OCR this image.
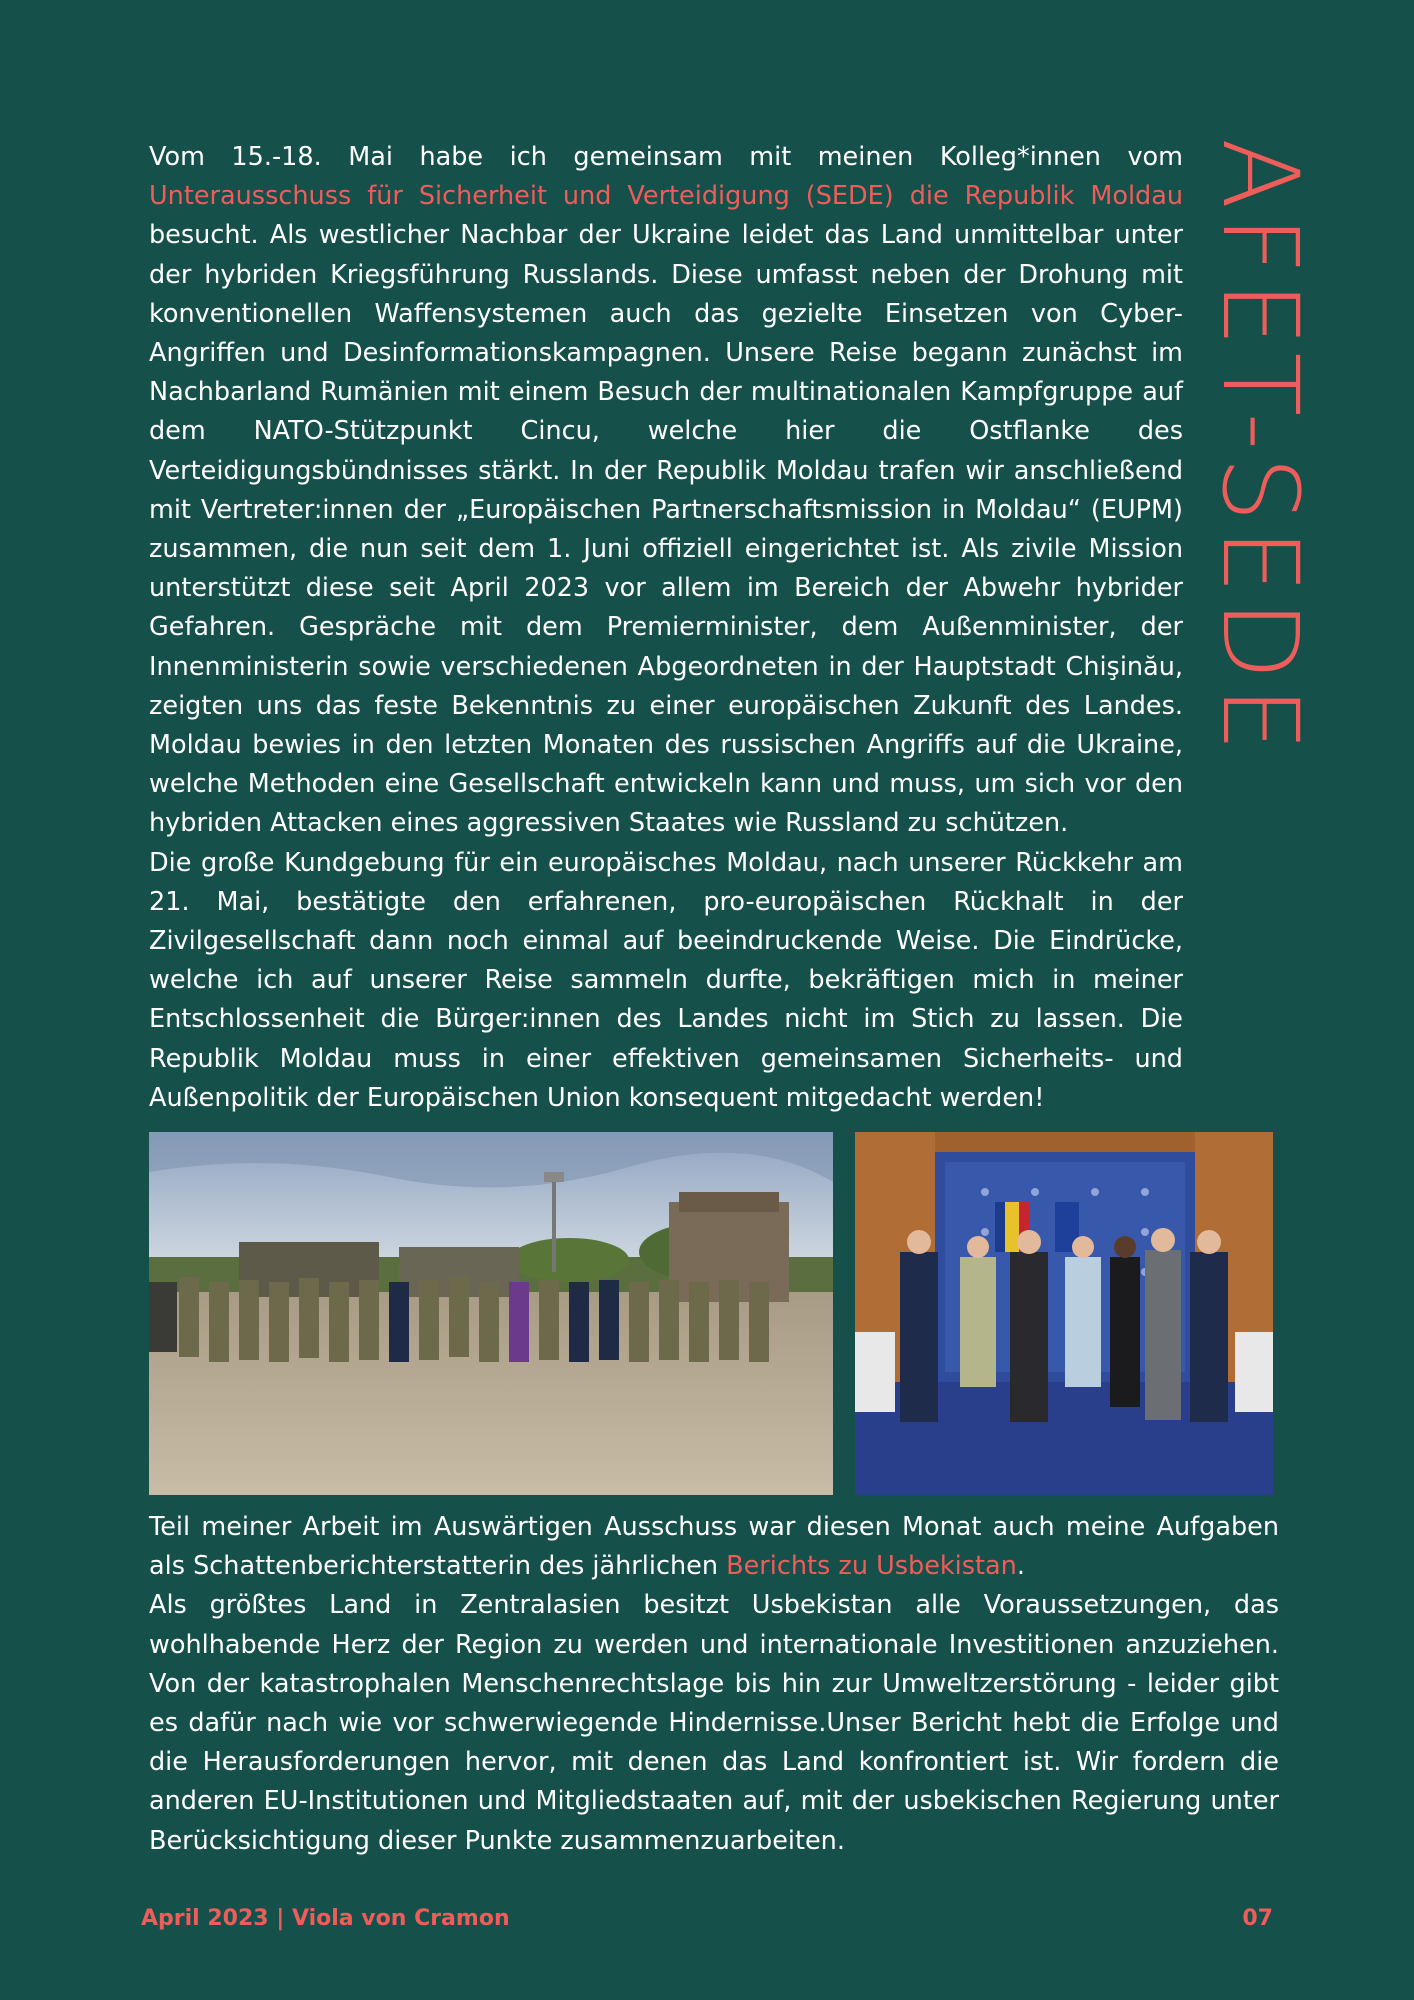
AFET-SEDE

Vom 15.-18. Mai habe ich gemeinsam mit meinen Kolleg*innen vom Unterausschuss für Sicherheit und Verteidigung (SEDE) die Republik Moldau besucht. Als westlicher Nachbar der Ukraine leidet das Land unmittelbar unter der hybriden Kriegsführung Russlands. Diese umfasst neben der Drohung mit konventionellen Waffensystemen auch das gezielte Einsetzen von Cyber-Angriffen und Desinformationskampagnen. Unsere Reise begann zunächst im Nachbarland Rumänien mit einem Besuch der multinationalen Kampfgruppe auf dem NATO-Stützpunkt Cincu, welche hier die Ostflanke des Verteidigungsbündnisses stärkt. In der Republik Moldau trafen wir anschließend mit Vertreter:innen der „Europäischen Partnerschaftsmission in Moldau“ (EUPM) zusammen, die nun seit dem 1. Juni offiziell eingerichtet ist. Als zivile Mission unterstützt diese seit April 2023 vor allem im Bereich der Abwehr hybrider Gefahren. Gespräche mit dem Premierminister, dem Außenminister, der Innenministerin sowie verschiedenen Abgeordneten in der Hauptstadt Chişinău, zeigten uns das feste Bekenntnis zu einer europäischen Zukunft des Landes. Moldau bewies in den letzten Monaten des russischen Angriffs auf die Ukraine, welche Methoden eine Gesellschaft entwickeln kann und muss, um sich vor den hybriden Attacken eines aggressiven Staates wie Russland zu schützen.

Die große Kundgebung für ein europäisches Moldau, nach unserer Rückkehr am 21. Mai, bestätigte den erfahrenen, pro-europäischen Rückhalt in der Zivilgesellschaft dann noch einmal auf beeindruckende Weise. Die Eindrücke, welche ich auf unserer Reise sammeln durfte, bekräftigen mich in meiner Entschlossenheit die Bürger:innen des Landes nicht im Stich zu lassen. Die Republik Moldau muss in einer effektiven gemeinsamen Sicherheits- und Außenpolitik der Europäischen Union konsequent mitgedacht werden!

Teil meiner Arbeit im Auswärtigen Ausschuss war diesen Monat auch meine Aufgaben als Schattenberichterstatterin des jährlichen Berichts zu Usbekistan.

Als größtes Land in Zentralasien besitzt Usbekistan alle Voraussetzungen, das wohlhabende Herz der Region zu werden und internationale Investitionen anzuziehen. Von der katastrophalen Menschenrechtslage bis hin zur Umweltzerstörung - leider gibt es dafür nach wie vor schwerwiegende Hindernisse.Unser Bericht hebt die Erfolge und die Herausforderungen hervor, mit denen das Land konfrontiert ist. Wir fordern die anderen EU-Institutionen und Mitgliedstaaten auf, mit der usbekischen Regierung unter Berücksichtigung dieser Punkte zusammenzuarbeiten.

April 2023 | Viola von Cramon	07
